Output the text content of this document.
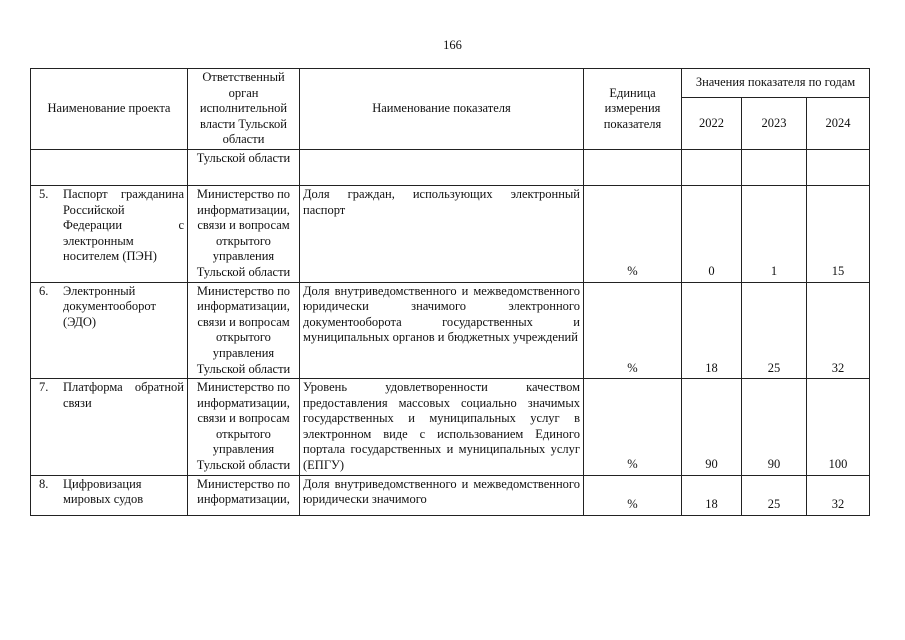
166
Наименование проекта	Ответственный орган исполнительной власти Тульской области	Наименование показателя	Единица измерения показателя	Значения показателя по годам		
				2022	2023	2024
	Тульской области					

5. Паспорт гражданина Российской Федерации с электронным носителем (ПЭН)	Министерство по информатизации, связи и вопросам открытого управления Тульской области	Доля граждан, использующих электронный паспорт	%	0	1	15

6. Электронный документооборот (ЭДО)	Министерство по информатизации, связи и вопросам открытого управления Тульской области	Доля внутриведомственного и межведомственного юридически значимого электронного документооборота государственных и муниципальных органов и бюджетных учреждений	%	18	25	32

7. Платформа обратной связи	Министерство по информатизации, связи и вопросам открытого управления Тульской области	Уровень удовлетворенности качеством предоставления массовых социально значимых государственных и муниципальных услуг в электронном виде с использованием Единого портала государственных и муниципальных услуг (ЕПГУ)	%	90	90	100

8. Цифровизация мировых судов	Министерство по информатизации,	Доля внутриведомственного и межведомственного юридически значимого	%	18	25	32
